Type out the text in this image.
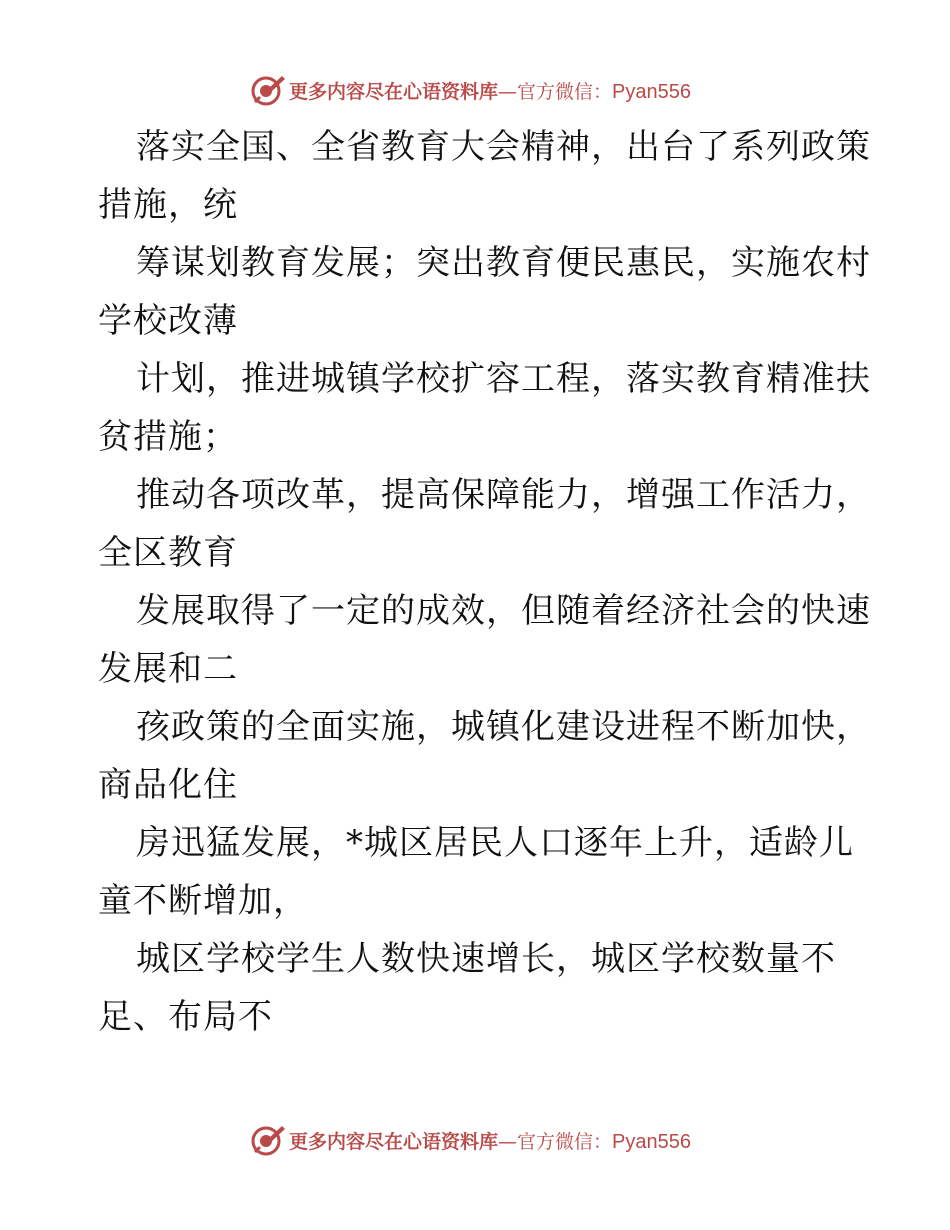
更多内容尽在心语资料库—官方微信：Pyan556
落实全国、全省教育大会精神，出台了系列政策
措施，统
筹谋划教育发展；突出教育便民惠民，实施农村
学校改薄
计划，推进城镇学校扩容工程，落实教育精准扶
贫措施；
推动各项改革，提高保障能力，增强工作活力，
全区教育
发展取得了一定的成效，但随着经济社会的快速
发展和二
孩政策的全面实施，城镇化建设进程不断加快，
商品化住
房迅猛发展，*城区居民人口逐年上升，适龄儿
童不断增加，
城区学校学生人数快速增长，城区学校数量不
足、布局不
更多内容尽在心语资料库—官方微信：Pyan556
